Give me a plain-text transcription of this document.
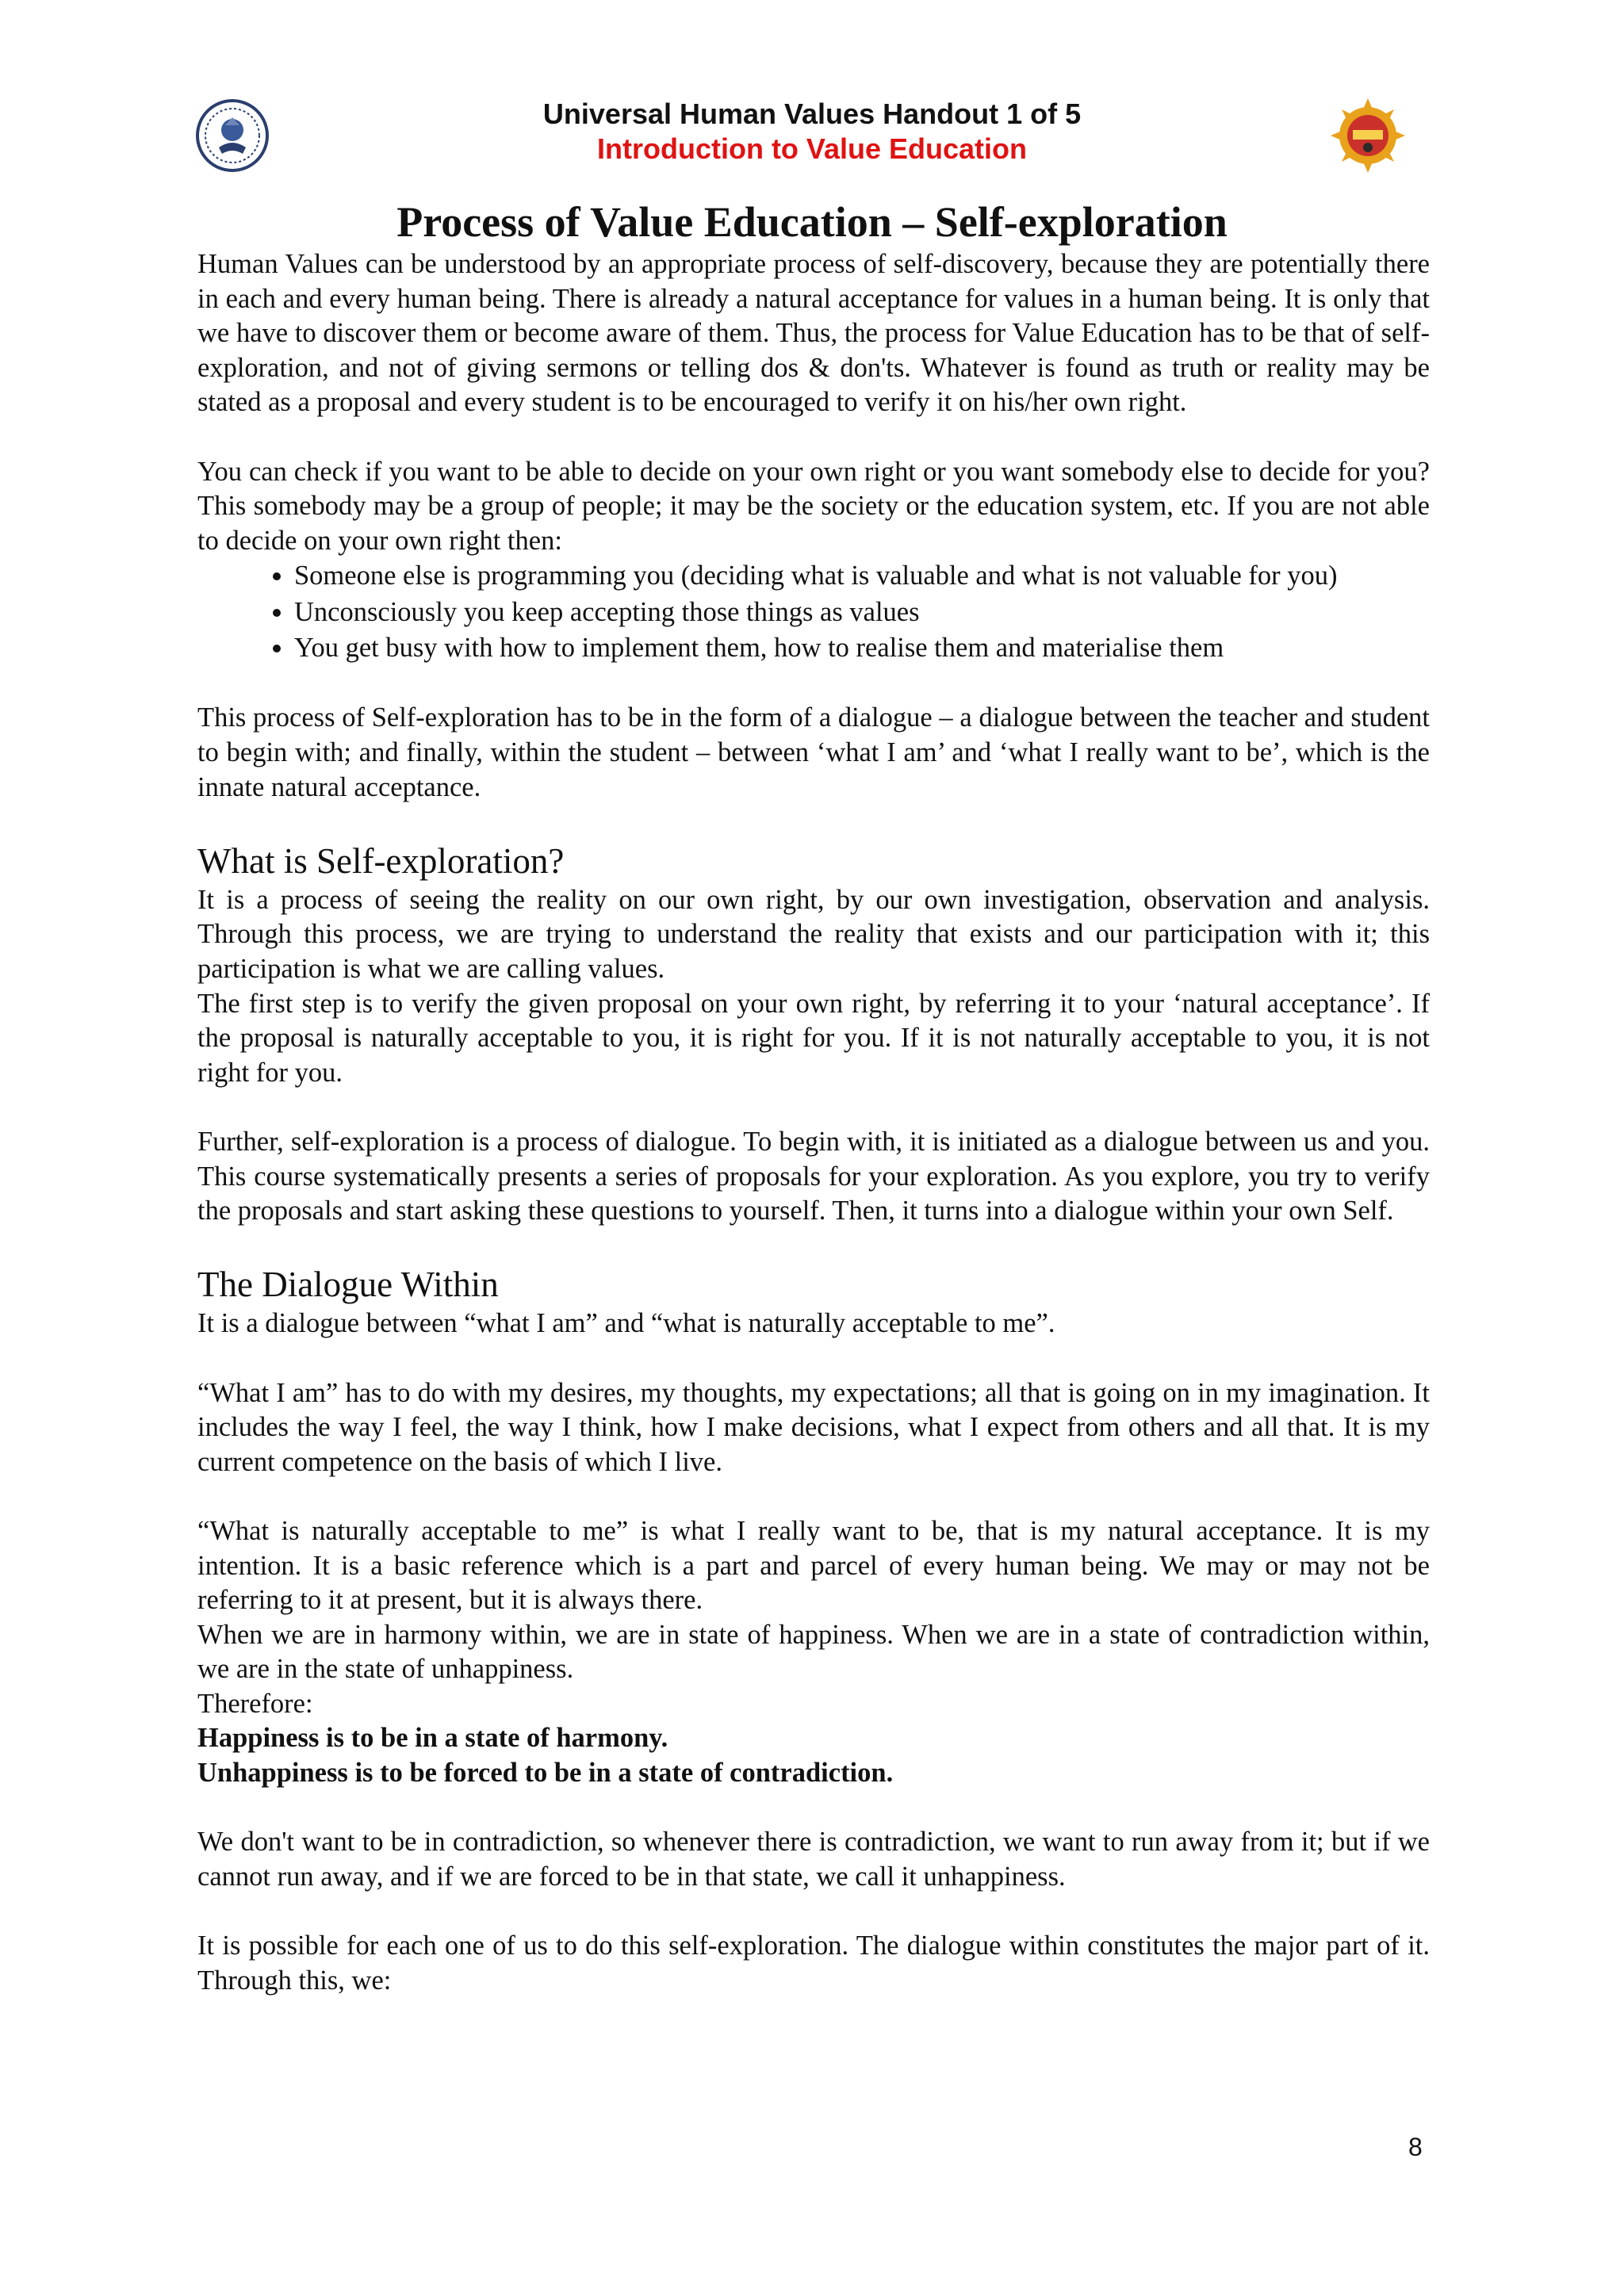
Universal Human Values Handout 1 of 5
Introduction to Value Education
Process of Value Education – Self-exploration

Human Values can be understood by an appropriate process of self-discovery, because they are potentially there in each and every human being. There is already a natural acceptance for values in a human being. It is only that we have to discover them or become aware of them. Thus, the process for Value Education has to be that of self-exploration, and not of giving sermons or telling dos & don'ts. Whatever is found as truth or reality may be stated as a proposal and every student is to be encouraged to verify it on his/her own right.

You can check if you want to be able to decide on your own right or you want somebody else to decide for you? This somebody may be a group of people; it may be the society or the education system, etc. If you are not able to decide on your own right then:

• Someone else is programming you (deciding what is valuable and what is not valuable for you)
• Unconsciously you keep accepting those things as values
• You get busy with how to implement them, how to realise them and materialise them

This process of Self-exploration has to be in the form of a dialogue – a dialogue between the teacher and student to begin with; and finally, within the student – between ‘what I am’ and ‘what I really want to be’, which is the innate natural acceptance.

What is Self-exploration?

It is a process of seeing the reality on our own right, by our own investigation, observation and analysis. Through this process, we are trying to understand the reality that exists and our participation with it; this participation is what we are calling values.

The first step is to verify the given proposal on your own right, by referring it to your ‘natural acceptance’. If the proposal is naturally acceptable to you, it is right for you. If it is not naturally acceptable to you, it is not right for you.

Further, self-exploration is a process of dialogue. To begin with, it is initiated as a dialogue between us and you. This course systematically presents a series of proposals for your exploration. As you explore, you try to verify the proposals and start asking these questions to yourself. Then, it turns into a dialogue within your own Self.

The Dialogue Within

It is a dialogue between “what I am” and “what is naturally acceptable to me”.

“What I am” has to do with my desires, my thoughts, my expectations; all that is going on in my imagination. It includes the way I feel, the way I think, how I make decisions, what I expect from others and all that. It is my current competence on the basis of which I live.

“What is naturally acceptable to me” is what I really want to be, that is my natural acceptance. It is my intention. It is a basic reference which is a part and parcel of every human being. We may or may not be referring to it at present, but it is always there.

When we are in harmony within, we are in state of happiness. When we are in a state of contradiction within, we are in the state of unhappiness.

Therefore:

Happiness is to be in a state of harmony.

Unhappiness is to be forced to be in a state of contradiction.

We don't want to be in contradiction, so whenever there is contradiction, we want to run away from it; but if we cannot run away, and if we are forced to be in that state, we call it unhappiness.

It is possible for each one of us to do this self-exploration. The dialogue within constitutes the major part of it. Through this, we:

8
